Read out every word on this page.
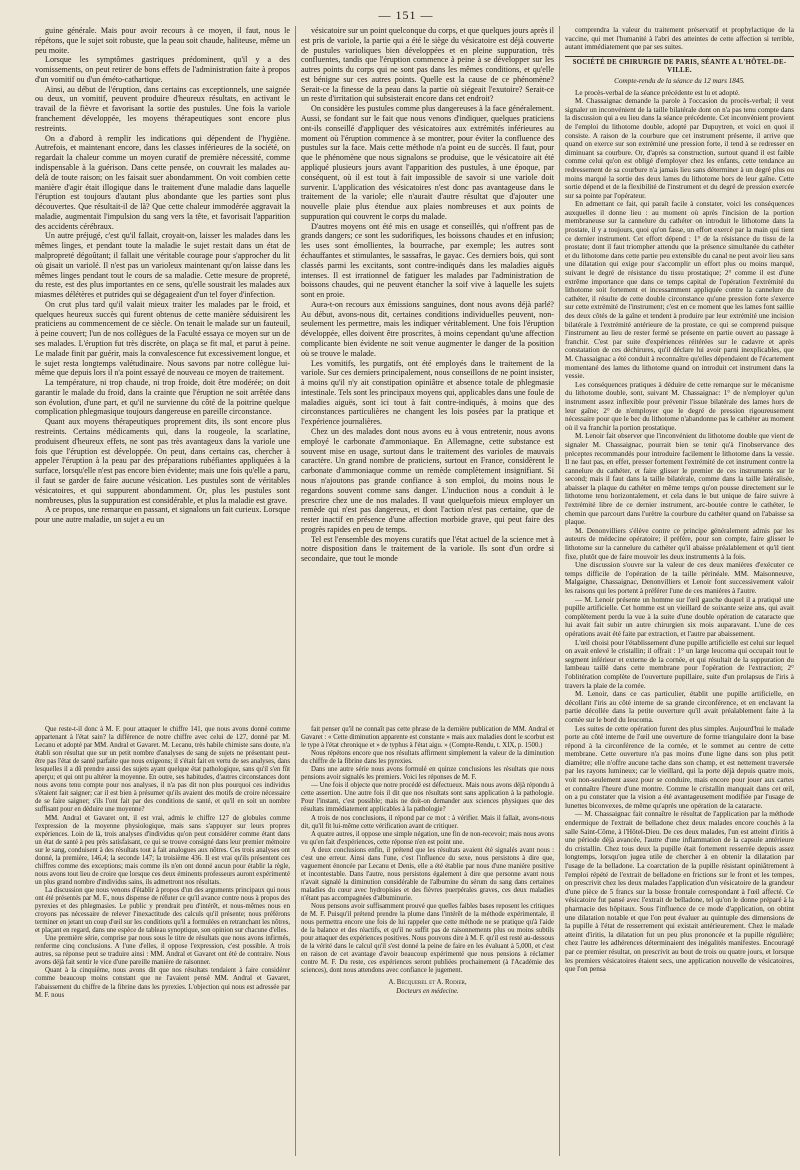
— 151 —

guine générale. Mais pour avoir recours à ce moyen, il faut, nous le répétons, que le sujet soit robuste, que la peau soit chaude, haliteuse, même un peu moite.

Lorsque les symptômes gastriques prédominent, qu'il y a des vomissements, on peut retirer de bons effets de l'administration faite à propos d'un vomitif ou d'un éméto-cathartique.

Ainsi, au début de l'éruption, dans certains cas exceptionnels, une saignée ou deux, un vomitif, peuvent produire d'heureux résultats, en activant le travail de la fièvre et favorisant la sortie des pustules. Une fois la variole franchement développée, les moyens thérapeutiques sont encore plus restreints.

On a d'abord à remplir les indications qui dépendent de l'hygiène. Autrefois, et maintenant encore, dans les classes inférieures de la société, on regardait la chaleur comme un moyen curatif de première nécessité, comme indispensable à la guérison. Dans cette pensée, on couvrait les malades au-delà de toute raison; on les faisait suer abondamment. On voit combien cette manière d'agir était illogique dans le traitement d'une maladie dans laquelle l'éruption est toujours d'autant plus abondante que les parties sont plus découvertes. Que résultait-il de là? Que cette chaleur immodérée aggravait la maladie, augmentait l'impulsion du sang vers la tête, et favorisait l'apparition des accidents cérébraux.

Un autre préjugé, c'est qu'il fallait, croyait-on, laisser les malades dans les mêmes linges, et pendant toute la maladie le sujet restait dans un état de malpropreté dégoûtant; il fallait une véritable courage pour s'approcher du lit où gisait un variolé. Il n'est pas un varioleux maintenant qu'on laisse dans les mêmes linges pendant tout le cours de sa maladie. Cette mesure de propreté, du reste, est des plus importantes en ce sens, qu'elle soustrait les malades aux miasmes délétères et putrides qui se dégageaient d'un tel foyer d'infection.

On crut plus tard qu'il valait mieux traiter les malades par le froid, et quelques heureux succès qui furent obtenus de cette manière séduisirent les praticiens au commencement de ce siècle. On tenait le malade sur un fauteuil, à peine couvert; l'un de nos collègues de la Faculté essaya ce moyen sur un de ses malades. L'éruption fut très discrète, on plaça se fit mal, et parut à peine. Le malade finit par guérir, mais la convalescence fut excessivement longue, et le sujet resta longtemps valétudinaire. Nous savons par notre collègue lui-même que depuis lors il n'a point essayé de nouveau ce moyen de traitement.

La température, ni trop chaude, ni trop froide, doit être modérée; on doit garantir le malade du froid, dans la crainte que l'éruption ne soit arrêtée dans son évolution, d'une part, et qu'il ne survienne du côté de la poitrine quelque complication phlegmasique toujours dangereuse en pareille circonstance.

Quant aux moyens thérapeutiques proprement dits, ils sont encore plus restreints. Certains médicaments qui, dans la rougeole, la scarlatine, produisent d'heureux effets, ne sont pas très avantageux dans la variole une fois que l'éruption est développée. On peut, dans certains cas, chercher à appeler l'éruption à la peau par des préparations rubéfiantes appliquées à la surface, lorsqu'elle n'est pas encore bien évidente; mais une fois qu'elle a paru, il faut se garder de faire aucune vésication. Les pustules sont de véritables vésicatoires, et qui suppurent abondamment. Or, plus les pustules sont nombreuses, plus la suppuration est considérable, et plus la maladie est grave.

A ce propos, une remarque en passant, et signalons un fait curieux. Lorsque pour une autre maladie, un sujet a eu un

vésicatoire sur un point quelconque du corps, et que quelques jours après il est pris de variole, la partie qui a été le siège du vésicatoire est déjà couverte de pustules varioliques bien développées et en pleine suppuration, très confluentes, tandis que l'éruption commence à peine à se développer sur les autres points du corps qui ne sont pas dans les mêmes conditions, et qu'elle est bénigne sur ces autres points. Quelle est la cause de ce phénomène? Serait-ce la finesse de la peau dans la partie où siégeait l'exutoire? Serait-ce un reste d'irritation qui subsisterait encore dans cet endroit?

On considère les pustules comme plus dangereuses à la face généralement. Aussi, se fondant sur le fait que nous venons d'indiquer, quelques praticiens ont-ils conseillé d'appliquer des vésicatoires aux extrémités inférieures au moment où l'éruption commence à se montrer, pour éviter la confluence des pustules sur la face. Mais cette méthode n'a point eu de succès. Il faut, pour que le phénomène que nous signalons se produise, que le vésicatoire ait été appliqué plusieurs jours avant l'apparition des pustules, à une époque, par conséquent, où il est tout à fait impossible de savoir si une variole doit survenir. L'application des vésicatoires n'est donc pas avantageuse dans le traitement de la variole; elle n'aurait d'autre résultat que d'ajouter une nouvelle plaie plus étendue aux plaies nombreuses et aux points de suppuration qui couvrent le corps du malade.

D'autres moyens ont été mis en usage et conseillés, qui n'offrent pas de grands dangers; ce sont les sudorifiques, les boissons chaudes et en infusion; les uses sont émollientes, la bourrache, par exemple; les autres sont échauffantes et stimulantes, le sassafras, le gayac. Ces derniers bois, qui sont classés parmi les excitants, sont contre-indiqués dans les maladies aiguës intenses. Il est irrationnel de fatiguer les malades par l'administration de boissons chaudes, qui ne peuvent étancher la soif vive à laquelle les sujets sont en proie.

Aura-t-on recours aux émissions sanguines, dont nous avons déjà parlé? Au début, avons-nous dit, certaines conditions individuelles peuvent, non-seulement les permettre, mais les indiquer véritablement. Une fois l'éruption développée, elles doivent être proscrites, à moins cependant qu'une affection complicante bien évidente ne soit venue augmenter le danger de la position où se trouve le malade.

Les vomitifs, les purgatifs, ont été employés dans le traitement de la variole. Sur ces derniers principalement, nous conseillons de ne point insister, à moins qu'il n'y ait constipation opiniâtre et absence totale de phlegmasie intestinale. Tels sont les principaux moyens qui, applicables dans une foule de maladies aiguës, sont ici tout à fait contre-indiqués, à moins que des circonstances particulières ne changent les lois posées par la pratique et l'expérience journalières.

Chez un des malades dont nous avons eu à vous entretenir, nous avons employé le carbonate d'ammoniaque. En Allemagne, cette substance est souvent mise en usage, surtout dans le traitement des varioles de mauvais caractère. Un grand nombre de praticiens, surtout en France, considèrent le carbonate d'ammoniaque comme un remède complètement insignifiant. Si nous n'ajoutons pas grande confiance à son emploi, du moins nous le regardons souvent comme sans danger. L'induction nous a conduit à le prescrire chez une de nos malades. Il vaut quelquefois mieux employer un remède qui n'est pas dangereux, et dont l'action n'est pas certaine, que de rester inactif en présence d'une affection morbide grave, qui peut faire des progrès rapides en peu de temps.

Tel est l'ensemble des moyens curatifs que l'état actuel de la science met à notre disposition dans le traitement de la variole. Ils sont d'un ordre si secondaire, que tout le monde

comprendra la valeur du traitement préservatif et prophylactique de la vaccine, qui met l'humanité à l'abri des atteintes de cette affection si terrible, autant immédiatement que par ses suites.

SOCIÉTÉ DE CHIRURGIE DE PARIS, SÉANTE A L'HÔTEL-DE-VILLE.
Compte-rendu de la séance du 12 mars 1845.

Le procès-verbal de la séance précédente est lu et adopté.

M. Chassaignac demande la parole à l'occasion du procès-verbal; il veut signaler un inconvénient de la taille bilatérale dont on n'a pas tenu compte dans la discussion qui a eu lieu dans la séance précédente. Cet inconvénient provient de l'emploi du lithotome double, adopté par Dupuytren, et voici en quoi il consiste. A raison de la courbure que cet instrument présente, il arrive que quand on exerce sur son extrémité une pression forte, il tend à se redresser en diminuant sa courbure. Or, d'après sa construction, surtout quand il est faible comme celui qu'on est obligé d'employer chez les enfants, cette tendance au redressement de sa courbure n'a jamais lieu sans déterminer à un degré plus ou moins marqué la sortie des deux lames du lithotome hors de leur gaîne. Cette sortie dépend et de la flexibilité de l'instrument et du degré de pression exercée sur sa pointe par l'opérateur.

En admettant ce fait, qui paraît facile à constater, voici les conséquences auxquelles il donne lieu : au moment où après l'incision de la portion membraneuse sur la cannelure du cathéter on introduit le lithotome dans la prostate, il y a toujours, quoi qu'on fasse, un effort exercé par la main qui tient ce dernier instrument. Cet effort dépend : 1° de la résistance du tissu de la prostate; dont il faut triompher attendu que la présence simultanée du cathéter et du lithotome dans cette partie peu extensible du canal ne peut avoir lieu sans une dilatation qui exige pour s'accomplir un effort plus ou moins marqué, suivant le degré de résistance du tissu prostatique; 2° comme il est d'une extrême importance que dans ce temps capital de l'opération l'extrémité du lithotome soit fortement et incessamment appliquée contre la cannelure du cathéter, il résulte de cette double circonstance qu'une pression forte s'exerce sur cette extrémité de l'instrument; c'est en ce moment que les lames font saillie des deux côtés de la gaîne et tendent à produire par leur extrémité une incision bilatérale à l'extrémité antérieure de la prostate, ce qui se comprend puisque l'instrument au lieu de rester fermé se présente en partie ouvert au passage à franchir. C'est par suite d'expériences réitérées sur le cadavre et après constatation de ces déchirures, qu'il déclare lui avoir parni inexplicables, que M. Chassaignac a été conduit à reconnaître qu'elles dépendaient de l'écartement momentané des lames du lithotome quand on introduit cet instrument dans la vessie.

Les conséquences pratiques à déduire de cette remarque sur le mécanisme du lithotome double, sont, suivant M. Chassaignac: 1° de n'employer qu'un instrument assez inflexible pour prévenir l'issue bilatérale des lames hors de leur gaîne; 2° de n'employer que le degré de pression rigoureusement nécessaire pour que le bec du lithotome n'abandonne pas le cathéter au moment où il va franchir la portion prostatique.

M. Lenoir fait observer que l'inconvénient du lithotome double que vient de signaler M. Chassaignac, pourrait bien se tenir qu'à l'inobservance des préceptes recommandés pour introduire facilement le lithotome dans la vessie. Il ne faut pas, en effet, presser fortement l'extrémité de cet instrument contre la cannelure du cathéter, et faire glisser le premier de ces instruments sur le second; mais il faut dans la taille bilatérale, comme dans la taille latéralisée, abaisser la plaque du cathéter en même temps qu'on pousse directement sur le lithotome tenu horizontalement, et cela dans le but unique de faire suivre à l'extrémité libre de ce dernier instrument, arc-boutée contre le cathéter, le chemin que parcourt dans l'urètre la courbure du cathéter quand on l'abaisse sa plaque.

M. Denonvilliers s'élève contre ce principe généralement admis par les auteurs de médecine opératoire; il préfère, pour son compte, faire glisser le lithotome sur la cannelure du cathéter qu'il abaisse préalablement et qu'il tient fixe, plutôt que de faire mouvoir les deux instruments à la fois.

Une discussion s'ouvre sur la valeur de ces deux manières d'exécuter ce temps difficile de l'opération de la taille périnéale. MM. Maisonneuve, Malgaigne, Chassaignac, Denonvilliers et Lenoir font successivement valoir les raisons qui les portent à préférer l'une de ces manières à l'autre.

— M. Lenoir présente un homme sur l'œil gauche duquel il a pratiqué une pupille artificielle. Cet homme est un vieillard de soixante seize ans, qui avait complètement perdu la vue à la suite d'une double opération de cataracte que lui avait fait subir un autre chirurgien six mois auparavant. L'une de ces opérations avait été faite par extraction, et l'autre par abaissement.

L'œil choisi pour l'établissement d'une pupille artificielle est celui sur lequel on avait enlevé le cristallin; il offrait : 1° un large leucoma qui occupait tout le segment inférieur et externe de la cornée, et qui résultait de la suppuration du lambeau taillé dans cette membrane pour l'opération de l'extraction; 2° l'oblitération complète de l'ouverture pupillaire, suite d'un prolapsus de l'iris à travers la plaie de la cornée.

M. Lenoir, dans ce cas particulier, établit une pupille artificielle, en décollant l'iris au côté interne de sa grande circonférence, et en enclavant la partie décollée dans la petite ouverture qu'il avait préalablement faite à la cornée sur le bord du leucoma.

Les suites de cette opération furent des plus simples. Aujourd'hui le malade porte au côté interne de l'œil une ouverture de forme triangulaire dont la base répond à la circonférence de la cornée, et le sommet au centre de cette membrane. Cette ouverture n'a pas moins d'une ligne dans son plus petit diamètre; elle n'offre aucune tache dans son champ, et est nettement traversée par les rayons lumineux; car le vieillard, qui la porte déjà depuis quatre mois, voit non-seulement assez pour se conduire, mais encore pour jouer aux cartes et connaître l'heure d'une montre. Comme le cristallin manquait dans cet œil, on a pu constater que la vision a été avantageusement modifiée par l'usage de lunettes biconvexes, de même qu'après une opération de la cataracte.

— M. Chassaignac fait connaître le résultat de l'application par la méthode endermique de l'extrait de belladone chez deux malades encore couchés à la salle Saint-Côme, à l'Hôtel-Dieu. De ces deux malades, l'un est atteint d'iritis à une période déjà avancée, l'autre d'une inflammation de la capsule antérieure du cristallin. Chez tous deux la pupille était fortement resserrée depuis assez longtemps, lorsqu'on jugea utile de chercher à en obtenir la dilatation par l'usage de la belladone. La coarctation de la pupille résistant opiniâtrement à l'emploi répété de l'extrait de belladone en frictions sur le front et les tempes, on prescrivit chez les deux malades l'application d'un vésicatoire de la grandeur d'une pièce de 5 francs sur la bosse frontale correspondant à l'œil affecté. Ce vésicatoire fut pansé avec l'extrait de belladone, tel qu'on le donne préparé à la pharmacie des hôpitaux. Sous l'influence de ce mode d'application, on obtint une dilatation notable et que l'on peut évaluer au quintuple des dimensions de la pupille à l'état de resserrement qui existait antérieurement. Chez le malade atteint d'iritis, la dilatation fut un peu plus prononcée et la pupille régulière; chez l'autre les adhérences déterminaient des inégalités manifestes. Encouragé par ce premier résultat, on prescrivit au bout de trois ou quatre jours, et lorsque les premiers vésicatoires étaient secs, une application nouvelle de vésicatoires, que l'on pensa

Que reste-t-il donc à M. F. pour attaquer le chiffre 141, que nous avons donné comme appartenant à l'état sain? la différence de notre chiffre avec celui de 127, donné par M. Lecanu et adopté par MM. Andral et Gavaret. M. Lecanu, très habile chimiste sans doute, n'a établi son résultat que sur un petit nombre d'analyses de sang de sujets ne présentant peut-être pas l'état de santé parfaite que nous exigeons; il s'était fait en vertu de ses analyses, dans lesquelles il a dû prendre aussi des sujets ayant quelque état pathologique, sans qu'il s'en fût aperçu; et qui ont pu altérer la moyenne. En outre, ses habitudes, d'autres circonstances dont nous avons tenu compte pour nos analyses, il n'a pas dit non plus pourquoi ces individus s'étaient fait saigner; car il est bien à présumer qu'ils avaient des motifs de croire nécessaire de se faire saigner; s'ils l'ont fait par des conditions de santé, et qu'il en soit un nombre suffisant pour en déduire une moyenne?

MM. Andral et Gavaret ont, il est vrai, admis le chiffre 127 de globules comme l'expression de la moyenne physiologique, mais sans s'appuyer sur leurs propres expériences. Loin de là, trois analyses d'individus qu'on peut considérer comme étant dans un état de santé à peu près satisfaisant, ce qui se trouve consigné dans leur premier mémoire sur le sang, conduisent à des résultats tout à fait analogues aux nôtres. Ces trois analyses ont donné, la première, 146,4; la seconde 147; la troisième 436. Il est vrai qu'ils présentent ces chiffres comme des exceptions; mais comme ils n'en ont donné aucun pour établir la règle, nous avons tout lieu de croire que lorsque ces deux éminents professeurs auront expérimenté un plus grand nombre d'individus sains, ils admettront nos résultats.

La discussion que nous venons d'établir à propos d'un des arguments principaux qui nous ont été présentés par M. F., nous dispense de réfuter ce qu'il avance contre nous à propos des pyrexies et des phlegmasies. Le public y prendrait peu d'intérêt, et nous-mêmes nous en croyons pas nécessaire de relever l'inexactitude des calculs qu'il présente; nous préférons terminer en jetant un coup d'œil sur les conditions qu'il a formulées en retranchant les nôtres, et plaçant en regard, dans une espèce de tableau synoptique, son opinion sur chacune d'elles.

Une première série, comprise par nous sous le titre de résultats que nous avons infirmés, renferme cinq conclusions. A l'une d'elles, il oppose l'expression, c'est possible. A trois autres, sa réponse peut se traduire ainsi : MM. Andral et Gavaret ont été de contraire. Nous avons déjà fait sentir le vice d'une pareille manière de raisonner.

Quant à la cinquième, nous avons dit que nos résultats tendaient à faire considérer comme beaucoup moins constant que ne l'avaient pensé MM. Andral et Gavaret, l'abaissement du chiffre de la fibrine dans les pyrexies. L'objection qui nous est adressée par M. F. nous

fait penser qu'il ne connaît pas cette phrase de la dernière publication de MM. Andral et Gavaret : « Cette diminution apparente est constante » mais aux maladies dont le scorbut est le type à l'état chronique et » de typhus à l'état aigu. » (Compte-Rendu, t. XIX, p. 1500.)

Nous répétons encore que nos résultats affirment simplement la valeur de la diminution du chiffre de la fibrine dans les pyrexies.

Dans une autre série nous avons formulé en quinze conclusions les résultats que nous pensions avoir signalés les premiers. Voici les réponses de M. F.

— Une fois il objecte que notre procédé est défectueux. Mais nous avons déjà répondu à cette assertion. Une autre fois il dit que nos résultats sont sans application à la pathologie. Pour l'instant, c'est possible; mais ne doit-on demander aux sciences physiques que des résultats immédiatement applicables à la pathologie?

A trois de nos conclusions, il répond par ce mot : à vérifier. Mais il fallait, avons-nous dit, qu'il fit lui-même cette vérification avant de critiquer.

A quatre autres, il oppose une simple négation, une fin de non-recevoir; mais nous avons vu qu'en fait d'expériences, cette réponse n'en est point une.

A deux conclusions enfin, il prétend que les résultats avaient été signalés avant nous : c'est une erreur. Ainsi dans l'une, c'est l'influence du sexe, nous persistons à dire que, vaguement énoncée par Lecanu et Denis, elle a été établie par nous d'une manière positive et incontestable. Dans l'autre, nous persistons également à dire que personne avant nous n'avait signalé la diminution considérable de l'albumine du sérum du sang dans certaines maladies du cœur avec hydropisies et des fièvres puerpérales graves, ces deux maladies n'étant pas accompagnées d'albuminurie.

Nous pensons avoir suffisamment prouvé que quelles faibles bases reposent les critiques de M. F. Puisqu'il prétend prendre la plume dans l'intérêt de la méthode expérimentale, il nous permettra encore une fois de lui rappeler que cette méthode ne se pratique qu'à l'aide de la balance et des réactifs, et qu'il ne suffit pas de raisonnements plus ou moins subtils pour attaquer des expériences positives. Nous pouvons dire à M. F. qu'il est resté au-dessous de la vérité dans le calcul qu'il s'est donné la peine de faire en les évaluant à 5,000, et c'est en raison de cet avantage d'avoir beaucoup expérimenté que nous pensions à réclamer contre M. F. Du reste, ces expériences seront publiées prochainement (à l'Académie des sciences), dont nous attendons avec confiance le jugement.

A. Becquerel et A. Rodier,
Docteurs en médecine.
